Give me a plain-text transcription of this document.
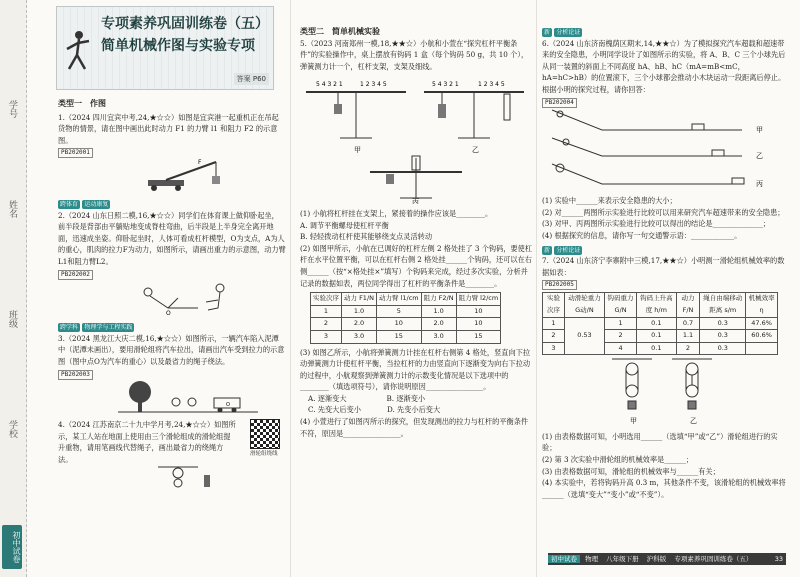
学号
姓名
班级
学校
初中试卷
专项素养巩固训练卷（五）
简单机械作图与实验专项
答案 P60

类型一　作图

1.（2024 四川宜宾中考,24,★☆☆）如图是宜宾港一起重机正在吊起货物的情景，请在图中画出此时动力 F1 的力臂 l1 和阻力 F2 的示意图。

PB202001

F

跨体育 运动康复

2.（2024 山东日照二模,16,★☆☆）同学们在体育课上做仰卧起坐，前半段是背部由平躺贴地变成脊柱弯曲，后半段是上半身完全离开地面，迅速成坐姿。仰卧起坐时，人体可看成杠杆模型，O为支点，A为人的重心，肌肉的拉力F为动力，如图所示，请画出重力的示意图，动力臂L1和阻力臂L2。

PB202002

O

跨学科 物理学与工程实践

3.（2024 黑龙江大庆二模,16,★☆☆）如图所示，一辆汽车陷入泥潭中（泥潭未画出），要用滑轮组将汽车拉出，请画出汽车受到拉力的示意图（图中点O为汽车的重心）以及最省力的绳子绕法。

PB202003

O

4.（2024 江苏南京二十九中学月考,24,★☆☆）如图所示，某工人站在地面上使用由三个滑轮组成的滑轮组提升重物，请用笔画线代替绳子，画出最省力的绕绳方法。

滑轮组绕线

类型二　简单机械实验

5.（2023 河南郑州一模,18,★★☆）小航和小萱在“探究杠杆平衡条件”的实验操作中，桌上摆放有钩码 1 盒（每个钩码 50 g，共 10 个），弹簧测力计一个，杠杆支架，支架及细线。

5 4 3 2 1	1 2 3 4 5
甲
5 4 3 2 1	1 2 3 4 5
乙
丙

(1) 小航将杠杆挂在支架上，紧接着的操作应该是________。

A. 调节平衡螺母使杠杆平衡

B. 轻轻拨动杠杆使其能够绕支点灵活转动

(2) 如图甲所示，小航在已调好的杠杆左侧 2 格处挂了 3 个钩码，要使杠杆在水平位置平衡，可以在杠杆右侧 2 格处挂______个钩码，还可以在右侧______（按“×格处挂×”填写）个钩码来完成，经过多次实验，分析并记录的数据如表，两位同学得出了杠杆的平衡条件是________。

实验次序	动力 F1/N	动力臂 l1/cm	阻力 F2/N	阻力臂 l2/cm
1	1.0	5	1.0	10
2	2.0	10	2.0	10
3	3.0	15	3.0	15

(3) 如图乙所示，小航将弹簧测力计挂在杠杆右侧第 4 格处，竖直向下拉动弹簧测力计使杠杆平衡，当拉杠杆的力由竖直向下逐渐变为向右下拉动的过程中，小航观察到弹簧测力计的示数变化情况是以下选项中的________（填选项符号），请你说明原因________________。

A. 逐渐变大	B. 逐渐变小
C. 先变大后变小	D. 先变小后变大

(4) 小萱进行了如图丙所示的探究，但发现测出的拉力与杠杆的平衡条件不符，原因是________________。

新 分析论证

6.（2024 山东济南槐荫区期末,14,★★☆）为了模拟探究汽车超载和超速带来的安全隐患，小明同学设计了如图所示的实验，将 A、B、C 三个小球先后从同一装置的斜面上不同高度 hA、hB、hC（mA=mB<mC，hA=hC>hB）的位置滚下，三个小球都会推动小木块运动一段距离后停止。根据小明的探究过程，请你回答：

PB202004

甲
乙
丙

(1) 实验中______来表示安全隐患的大小；

(2) 对______两图所示实验进行比较可以用来研究汽车超速带来的安全隐患；

(3) 对甲、丙两图所示实验进行比较可以得出的结论是______________；

(4) 根据探究的信息，请你写一句交通警示语：____________。

新 分析论证

7.（2024 山东济宁李寨附中三模,17,★★☆）小明测一滑轮组机械效率的数据如表：

PB202005

实验次序	动滑轮重力 G动/N	钩码重力 G/N	钩码上升高度 h/m	动力 F/N	绳自由端移动距离 s/m	机械效率 η
1	0.53	1	0.1	0.7	0.3	47.6%
2		2	0.1	1.1	0.3	60.6%
3		4	0.1	2	0.3	
甲	乙

(1) 由表格数据可知，小明选用______（选填“甲”或“乙”）滑轮组进行的实验；

(2) 第 3 次实验中滑轮组的机械效率是______；

(3) 由表格数据可知，滑轮组的机械效率与______有关；

(4) 本实验中，若将钩码升高 0.3 m，其他条件不变，该滑轮组的机械效率将______（选填“变大”“变小”或“不变”）。

初中试卷 物理 八年级下册 沪科版 专项素养巩固训练卷（五）	33
